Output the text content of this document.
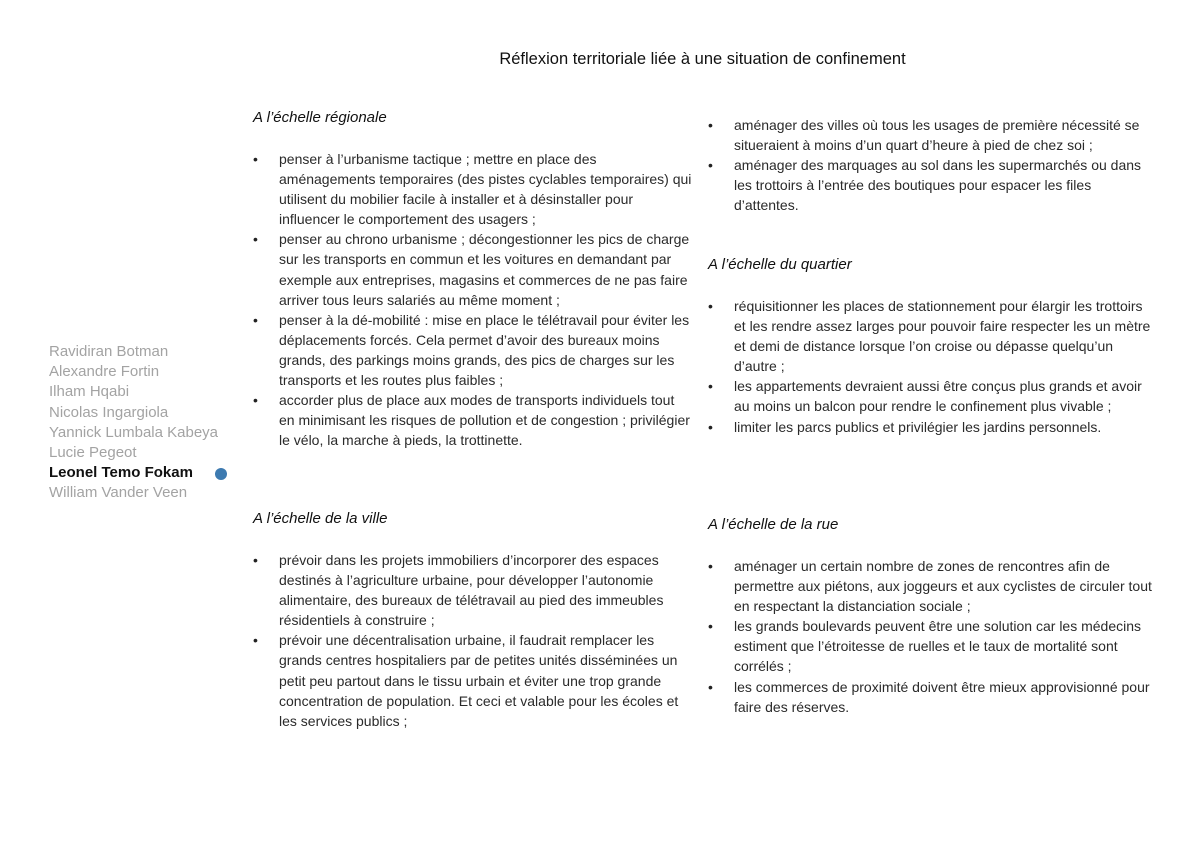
Réflexion territoriale liée à une situation de confinement
Ravidiran Botman
Alexandre Fortin
Ilham Hqabi
Nicolas Ingargiola
Yannick Lumbala Kabeya
Lucie Pegeot
Leonel Temo Fokam
William Vander Veen
A l’échelle régionale
• penser à l’urbanisme tactique ; mettre en place des aménagements temporaires (des pistes cyclables temporaires) qui utilisent du mobilier facile à installer et à désinstaller pour influencer le comportement des usagers ;
• penser au chrono urbanisme ; décongestionner les pics de charge sur les transports en commun et les voitures en demandant par exemple aux entreprises, magasins et commerces de ne pas faire arriver tous leurs salariés au même moment ;
• penser à la dé-mobilité : mise en place le télétravail pour éviter les déplacements forcés. Cela permet d’avoir des bureaux moins grands, des parkings moins grands, des pics de charges sur les transports et les routes plus faibles ;
• accorder plus de place aux modes de transports individuels tout en minimisant les risques de pollution et de congestion ; privilégier le vélo, la marche à pieds, la trottinette.
A l’échelle de la ville
• prévoir dans les projets immobiliers d’incorporer des espaces destinés à l’agriculture urbaine, pour développer l’autonomie alimentaire, des bureaux de télétravail au pied des immeubles résidentiels à construire ;
• prévoir une décentralisation urbaine, il faudrait remplacer les grands centres hospitaliers par de petites unités disséminées un petit peu partout dans le tissu urbain et éviter une trop grande concentration de population. Et ceci et valable pour les écoles et les services publics ;
• aménager des villes où tous les usages de première nécessité se situeraient à moins d’un quart d’heure à pied de chez soi ;
• aménager des marquages au sol dans les supermarchés ou dans les trottoirs à l’entrée des boutiques pour espacer les files d’attentes.
A l’échelle du quartier
• réquisitionner les places de stationnement pour élargir les trottoirs et les rendre assez larges pour pouvoir faire respecter les un mètre et demi de distance lorsque l’on croise ou dépasse quelqu’un d’autre ;
• les appartements devraient aussi être conçus plus grands et avoir au moins un balcon pour rendre le confinement plus vivable ;
• limiter les parcs publics et privilégier les jardins personnels.
A l’échelle de la rue
• aménager un certain nombre de zones de rencontres afin de permettre aux piétons, aux joggeurs et aux cyclistes de circuler tout en respectant la distanciation sociale ;
• les grands boulevards peuvent être une solution car les médecins estiment que l’étroitesse de ruelles et le taux de mortalité sont corrélés ;
• les commerces de proximité doivent être mieux approvisionné pour faire des réserves.
